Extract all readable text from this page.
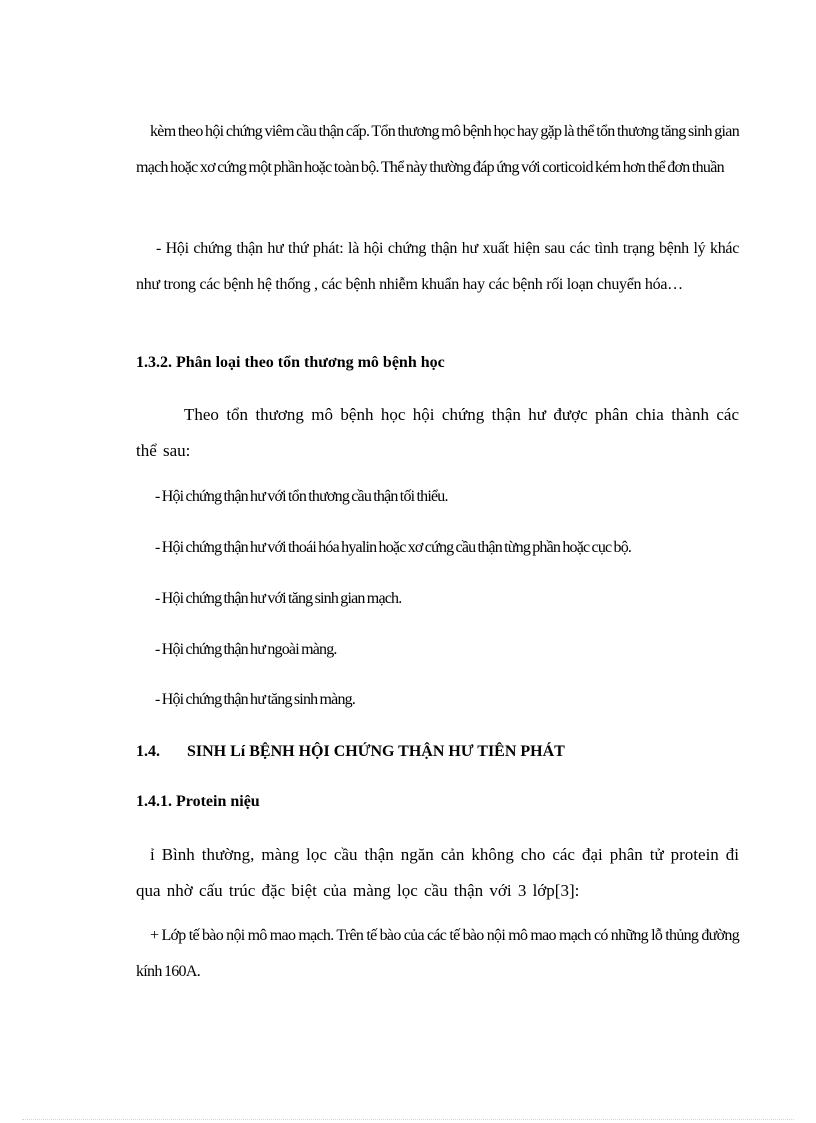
kèm theo hội chứng viêm cầu thận cấp. Tổn thương mô bệnh học hay gặp là thể tổn thương tăng sinh gian mạch hoặc xơ cứng một phần hoặc toàn bộ. Thể này thường đáp ứng với corticoid kém hơn thể đơn thuần

- Hội chứng thận hư thứ phát: là hội chứng thận hư xuất hiện sau các tình trạng bệnh lý khác như trong các bệnh hệ thống , các bệnh nhiễm khuẩn hay các bệnh rối loạn chuyển hóa…

1.3.2. Phân loại theo tổn thương mô bệnh học

Theo tổn thương mô bệnh học hội chứng thận hư được phân chia thành các thể sau:

- Hội chứng thận hư với tổn thương cầu thận tối thiểu.
- Hội chứng thận hư với thoái hóa hyalin hoặc xơ cứng cầu thận từng phần hoặc cục bộ.
- Hội chứng thận hư với tăng sinh gian mạch.
- Hội chứng thận hư ngoài màng.
- Hội chứng thận hư tăng sinh màng.
1.4. SINH Lí BỆNH HỘI CHỨNG THẬN HƯ TIÊN PHÁT
1.4.1. Protein niệu

ỉ Bình thường, màng lọc cầu thận ngăn cản không cho các đại phân tử protein đi qua nhờ cấu trúc đặc biệt của màng lọc cầu thận với 3 lớp[3]:

+ Lớp tế bào nội mô mao mạch. Trên tế bào của các tế bào nội mô mao mạch có những lỗ thủng đường kính 160A.
